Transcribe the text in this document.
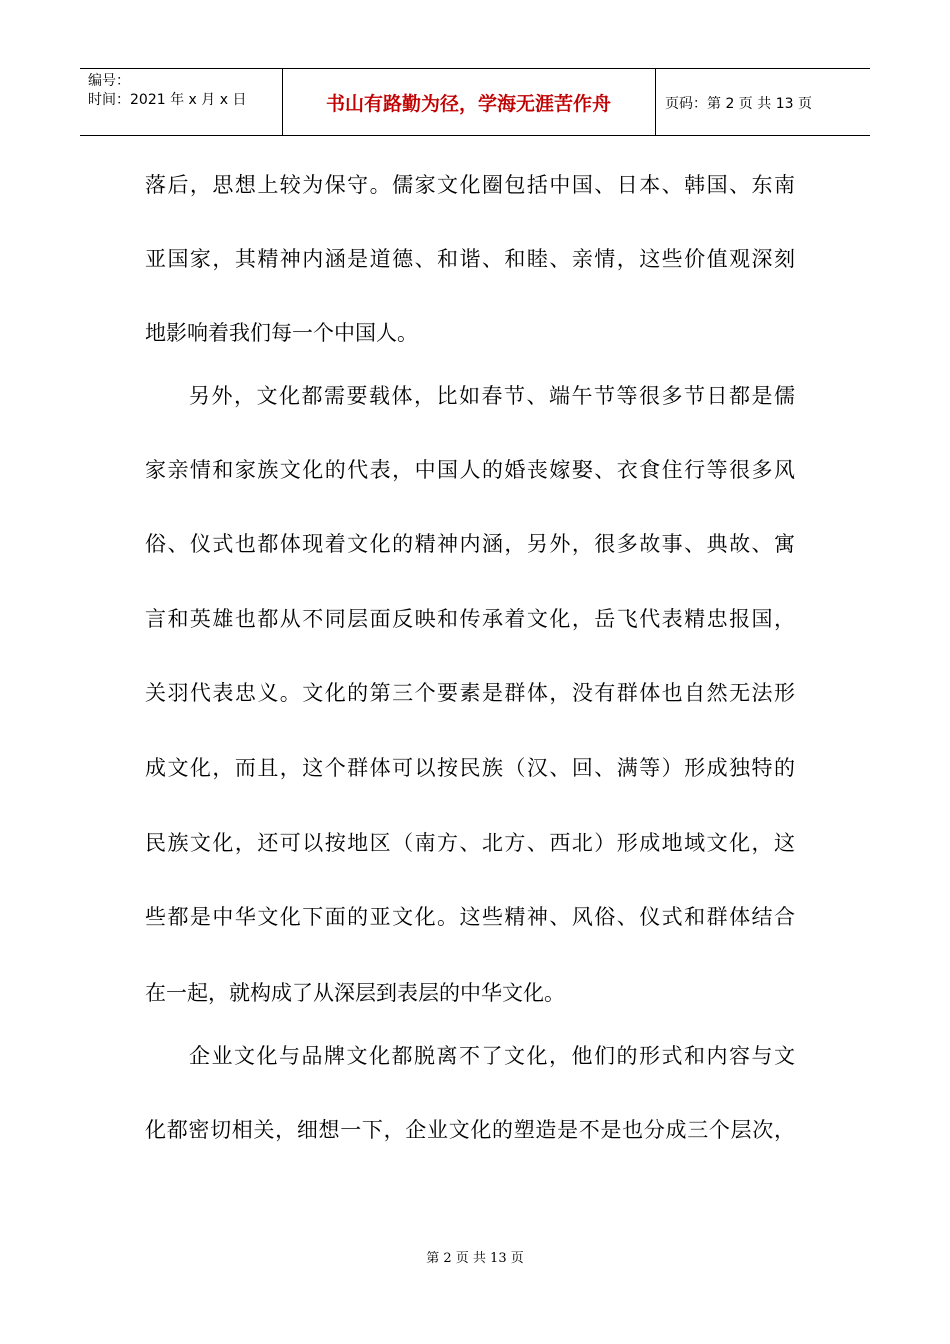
编号：
时间：2021 年 x 月 x 日	书山有路勤为径，学海无涯苦作舟	页码：第 2 页 共 13 页
落后，思想上较为保守。儒家文化圈包括中国、日本、韩国、东南
亚国家，其精神内涵是道德、和谐、和睦、亲情，这些价值观深刻
地影响着我们每一个中国人。
另外，文化都需要载体，比如春节、端午节等很多节日都是儒
家亲情和家族文化的代表，中国人的婚丧嫁娶、衣食住行等很多风
俗、仪式也都体现着文化的精神内涵，另外，很多故事、典故、寓
言和英雄也都从不同层面反映和传承着文化，岳飞代表精忠报国，
关羽代表忠义。文化的第三个要素是群体，没有群体也自然无法形
成文化，而且，这个群体可以按民族（汉、回、满等）形成独特的
民族文化，还可以按地区（南方、北方、西北）形成地域文化，这
些都是中华文化下面的亚文化。这些精神、风俗、仪式和群体结合
在一起，就构成了从深层到表层的中华文化。
企业文化与品牌文化都脱离不了文化，他们的形式和内容与文
化都密切相关，细想一下，企业文化的塑造是不是也分成三个层次，
第 2 页 共 13 页
